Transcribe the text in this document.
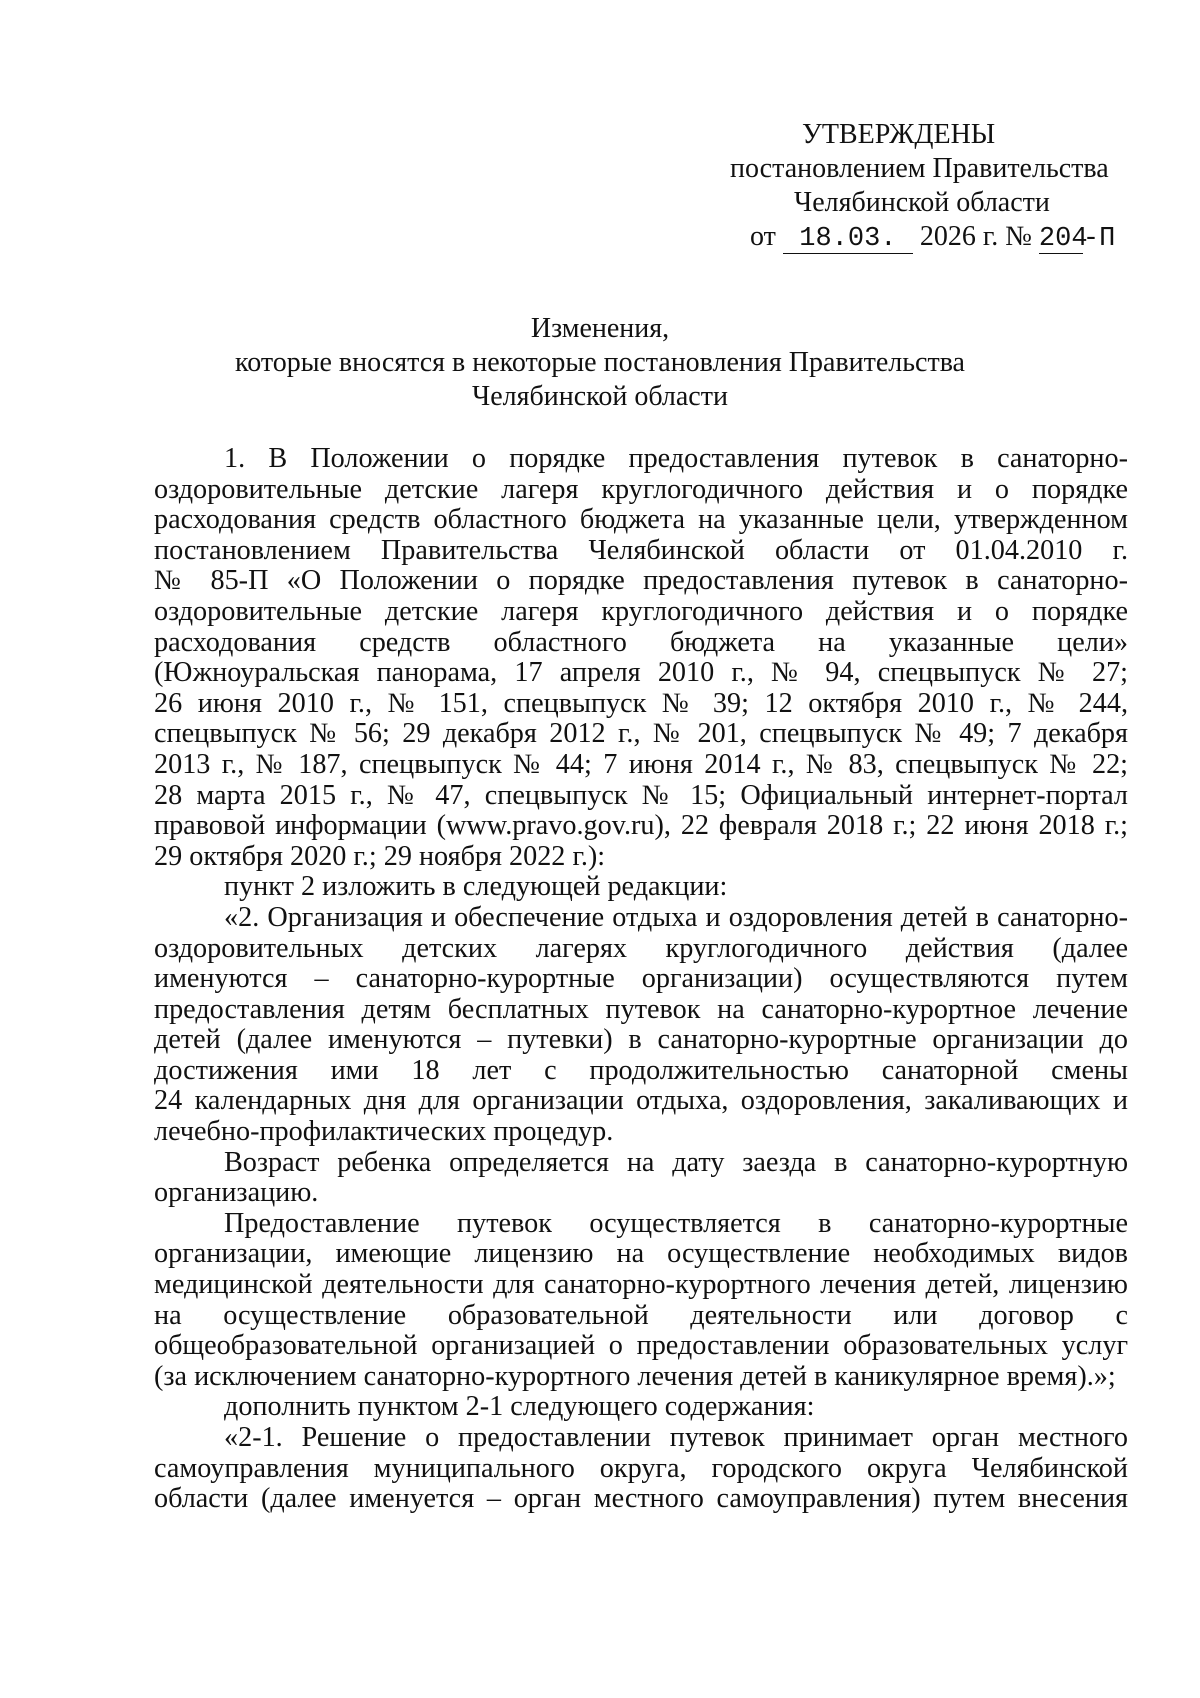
УТВЕРЖДЕНЫ
постановлением Правительства
Челябинской области
от 18.03. 2026 г. № 204-П
Изменения,
которые вносятся в некоторые постановления Правительства
Челябинской области
1. В Положении о порядке предоставления путевок в санаторно-
оздоровительные детские лагеря круглогодичного действия и о порядке
расходования средств областного бюджета на указанные цели, утвержденном
постановлением Правительства Челябинской области от 01.04.2010 г.
№ 85-П «О Положении о порядке предоставления путевок в санаторно-
оздоровительные детские лагеря круглогодичного действия и о порядке
расходования средств областного бюджета на указанные цели»
(Южноуральская панорама, 17 апреля 2010 г., № 94, спецвыпуск № 27;
26 июня 2010 г., № 151, спецвыпуск № 39; 12 октября 2010 г., № 244,
спецвыпуск № 56; 29 декабря 2012 г., № 201, спецвыпуск № 49; 7 декабря
2013 г., № 187, спецвыпуск № 44; 7 июня 2014 г., № 83, спецвыпуск № 22;
28 марта 2015 г., № 47, спецвыпуск № 15; Официальный интернет-портал
правовой информации (www.pravo.gov.ru), 22 февраля 2018 г.; 22 июня 2018 г.;
29 октября 2020 г.; 29 ноября 2022 г.):
пункт 2 изложить в следующей редакции:
«2. Организация и обеспечение отдыха и оздоровления детей в санаторно-
оздоровительных детских лагерях круглогодичного действия (далее
именуются – санаторно-курортные организации) осуществляются путем
предоставления детям бесплатных путевок на санаторно-курортное лечение
детей (далее именуются – путевки) в санаторно-курортные организации до
достижения ими 18 лет с продолжительностью санаторной смены
24 календарных дня для организации отдыха, оздоровления, закаливающих и
лечебно-профилактических процедур.
Возраст ребенка определяется на дату заезда в санаторно-курортную
организацию.
Предоставление путевок осуществляется в санаторно-курортные
организации, имеющие лицензию на осуществление необходимых видов
медицинской деятельности для санаторно-курортного лечения детей, лицензию
на осуществление образовательной деятельности или договор с
общеобразовательной организацией о предоставлении образовательных услуг
(за исключением санаторно-курортного лечения детей в каникулярное время).»;
дополнить пунктом 2-1 следующего содержания:
«2-1. Решение о предоставлении путевок принимает орган местного
самоуправления муниципального округа, городского округа Челябинской
области (далее именуется – орган местного самоуправления) путем внесения
